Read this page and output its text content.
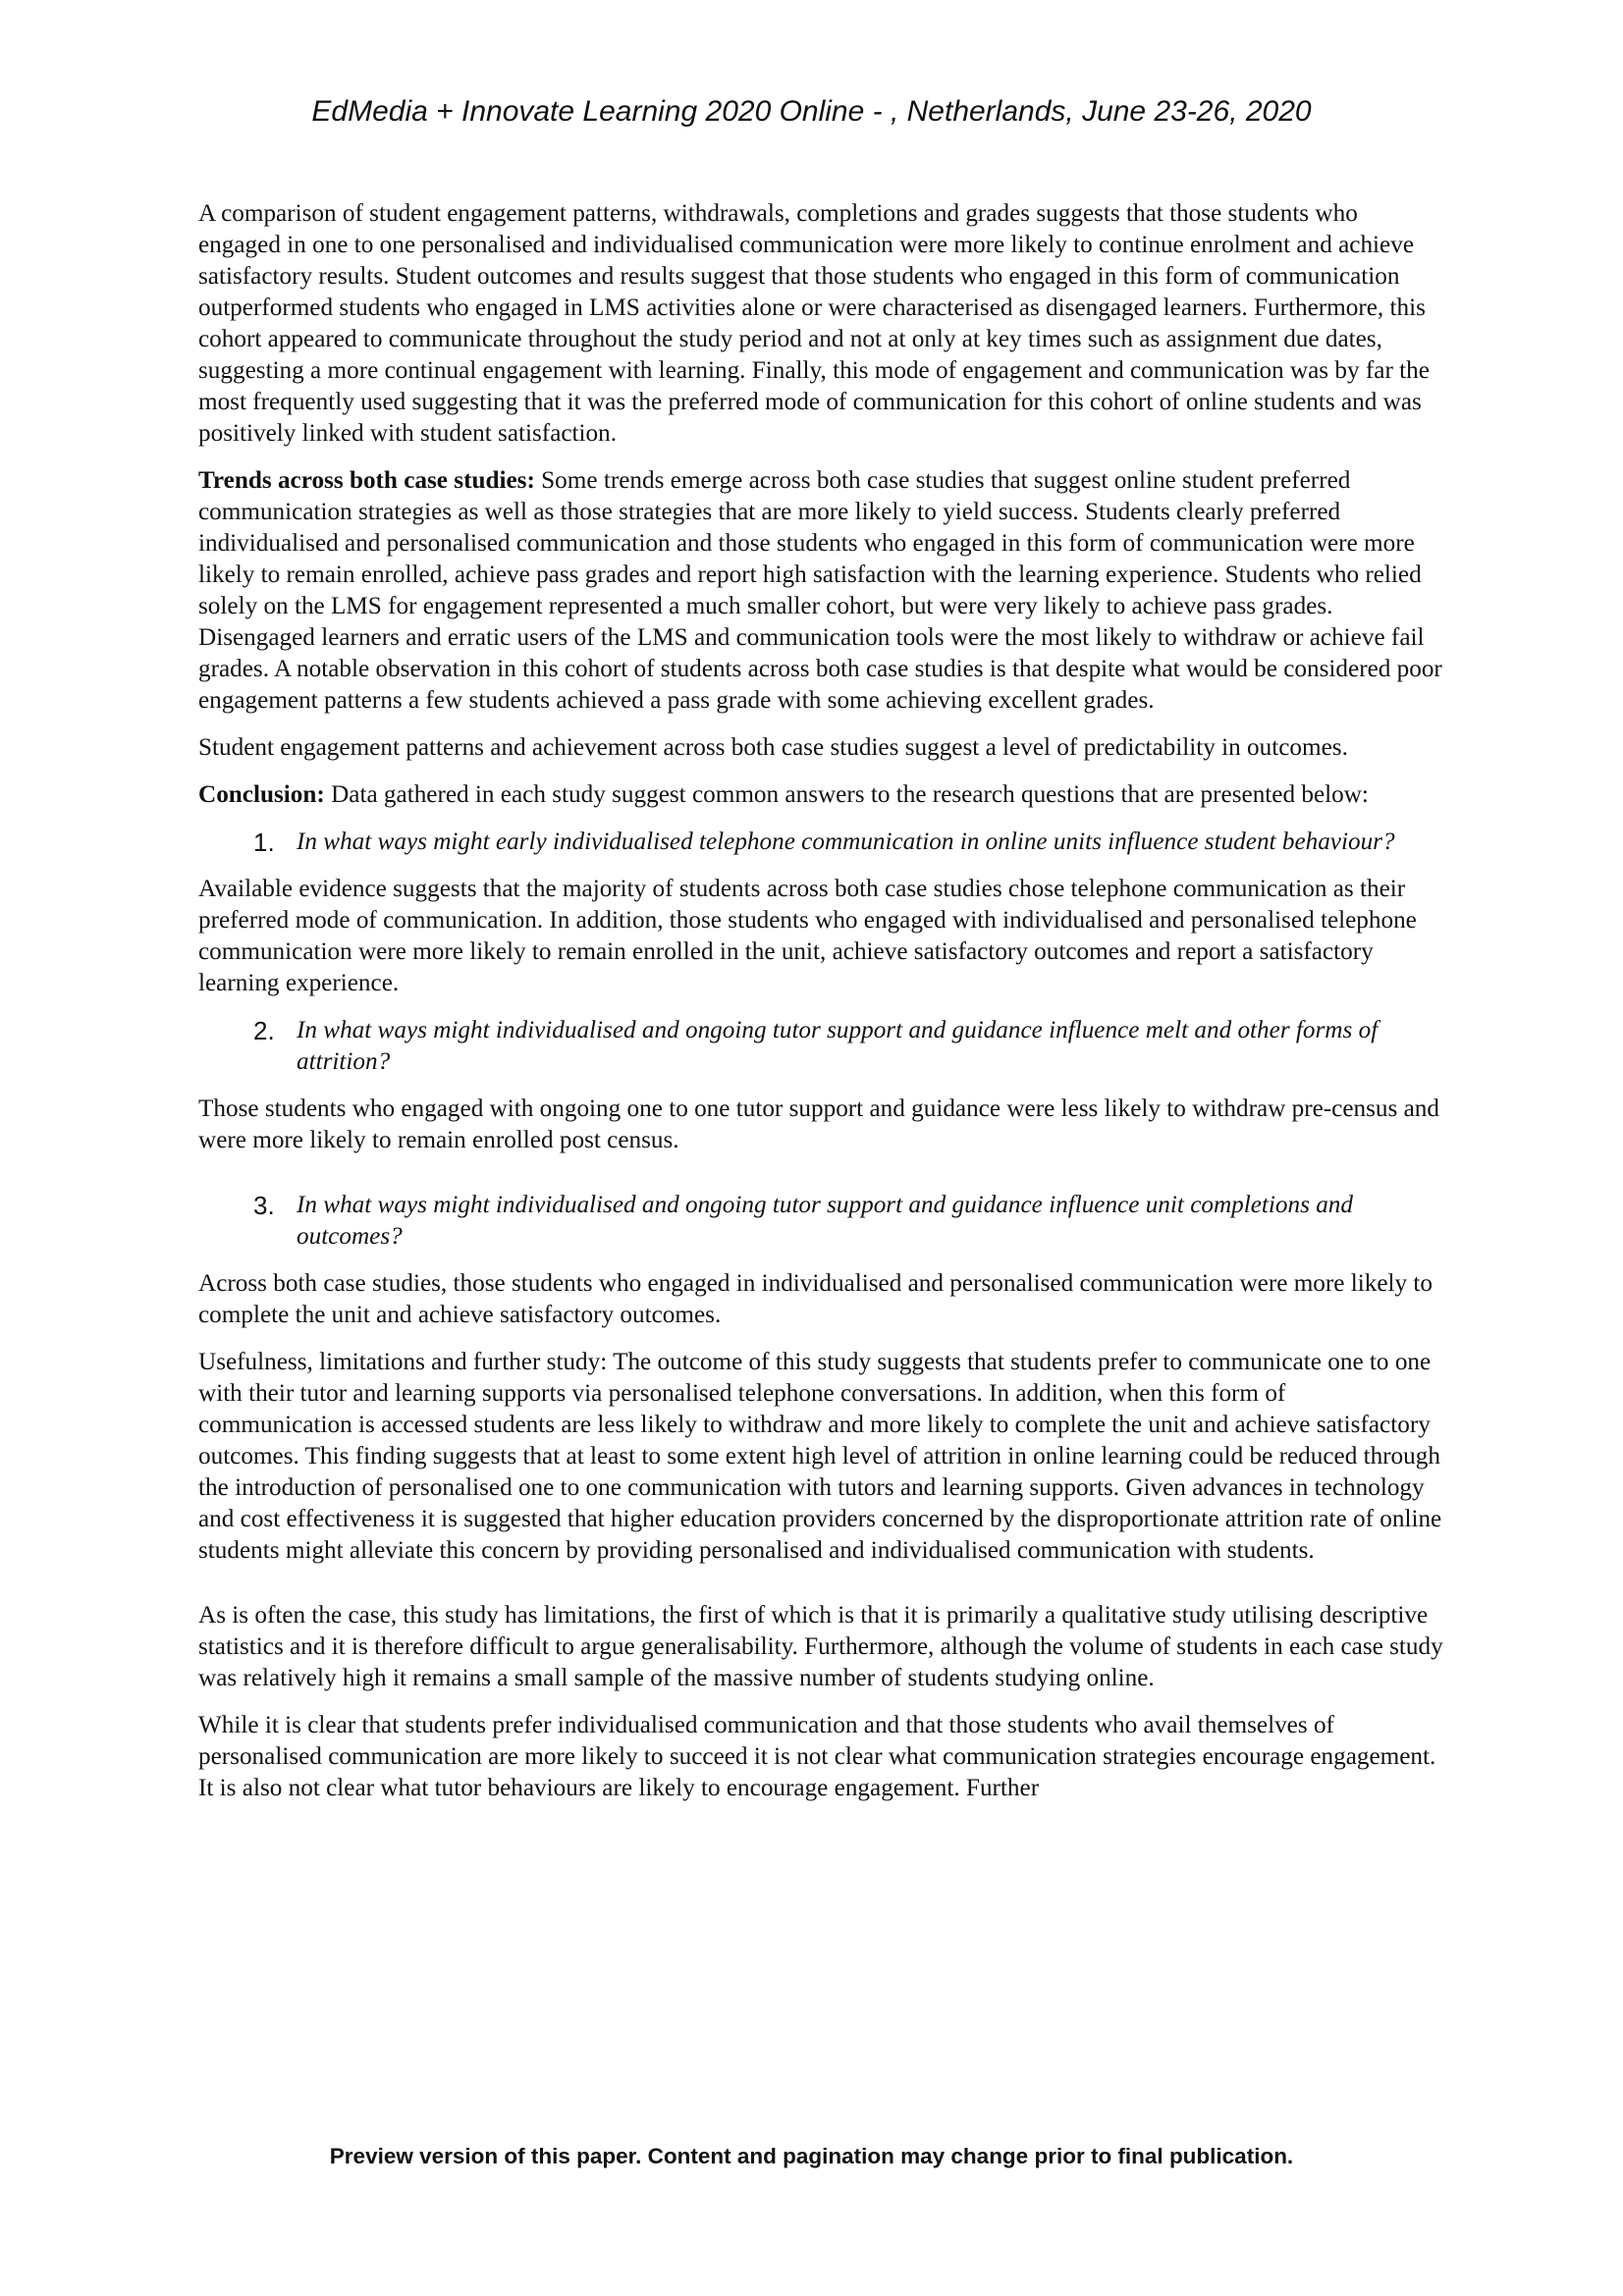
EdMedia + Innovate Learning 2020 Online - , Netherlands, June 23-26, 2020

A comparison of student engagement patterns, withdrawals, completions and grades suggests that those students who engaged in one to one personalised and individualised communication were more likely to continue enrolment and achieve satisfactory results. Student outcomes and results suggest that those students who engaged in this form of communication outperformed students who engaged in LMS activities alone or were characterised as disengaged learners. Furthermore, this cohort appeared to communicate throughout the study period and not at only at key times such as assignment due dates, suggesting a more continual engagement with learning. Finally, this mode of engagement and communication was by far the most frequently used suggesting that it was the preferred mode of communication for this cohort of online students and was positively linked with student satisfaction.

Trends across both case studies: Some trends emerge across both case studies that suggest online student preferred communication strategies as well as those strategies that are more likely to yield success. Students clearly preferred individualised and personalised communication and those students who engaged in this form of communication were more likely to remain enrolled, achieve pass grades and report high satisfaction with the learning experience. Students who relied solely on the LMS for engagement represented a much smaller cohort, but were very likely to achieve pass grades. Disengaged learners and erratic users of the LMS and communication tools were the most likely to withdraw or achieve fail grades. A notable observation in this cohort of students across both case studies is that despite what would be considered poor engagement patterns a few students achieved a pass grade with some achieving excellent grades.

Student engagement patterns and achievement across both case studies suggest a level of predictability in outcomes.

Conclusion: Data gathered in each study suggest common answers to the research questions that are presented below:

1. In what ways might early individualised telephone communication in online units influence student behaviour?

Available evidence suggests that the majority of students across both case studies chose telephone communication as their preferred mode of communication. In addition, those students who engaged with individualised and personalised telephone communication were more likely to remain enrolled in the unit, achieve satisfactory outcomes and report a satisfactory learning experience.

2. In what ways might individualised and ongoing tutor support and guidance influence melt and other forms of attrition?

Those students who engaged with ongoing one to one tutor support and guidance were less likely to withdraw pre-census and were more likely to remain enrolled post census.

3. In what ways might individualised and ongoing tutor support and guidance influence unit completions and outcomes?

Across both case studies, those students who engaged in individualised and personalised communication were more likely to complete the unit and achieve satisfactory outcomes.

Usefulness, limitations and further study: The outcome of this study suggests that students prefer to communicate one to one with their tutor and learning supports via personalised telephone conversations. In addition, when this form of communication is accessed students are less likely to withdraw and more likely to complete the unit and achieve satisfactory outcomes. This finding suggests that at least to some extent high level of attrition in online learning could be reduced through the introduction of personalised one to one communication with tutors and learning supports. Given advances in technology and cost effectiveness it is suggested that higher education providers concerned by the disproportionate attrition rate of online students might alleviate this concern by providing personalised and individualised communication with students.

As is often the case, this study has limitations, the first of which is that it is primarily a qualitative study utilising descriptive statistics and it is therefore difficult to argue generalisability. Furthermore, although the volume of students in each case study was relatively high it remains a small sample of the massive number of students studying online.

While it is clear that students prefer individualised communication and that those students who avail themselves of personalised communication are more likely to succeed it is not clear what communication strategies encourage engagement. It is also not clear what tutor behaviours are likely to encourage engagement. Further

Preview version of this paper. Content and pagination may change prior to final publication.
